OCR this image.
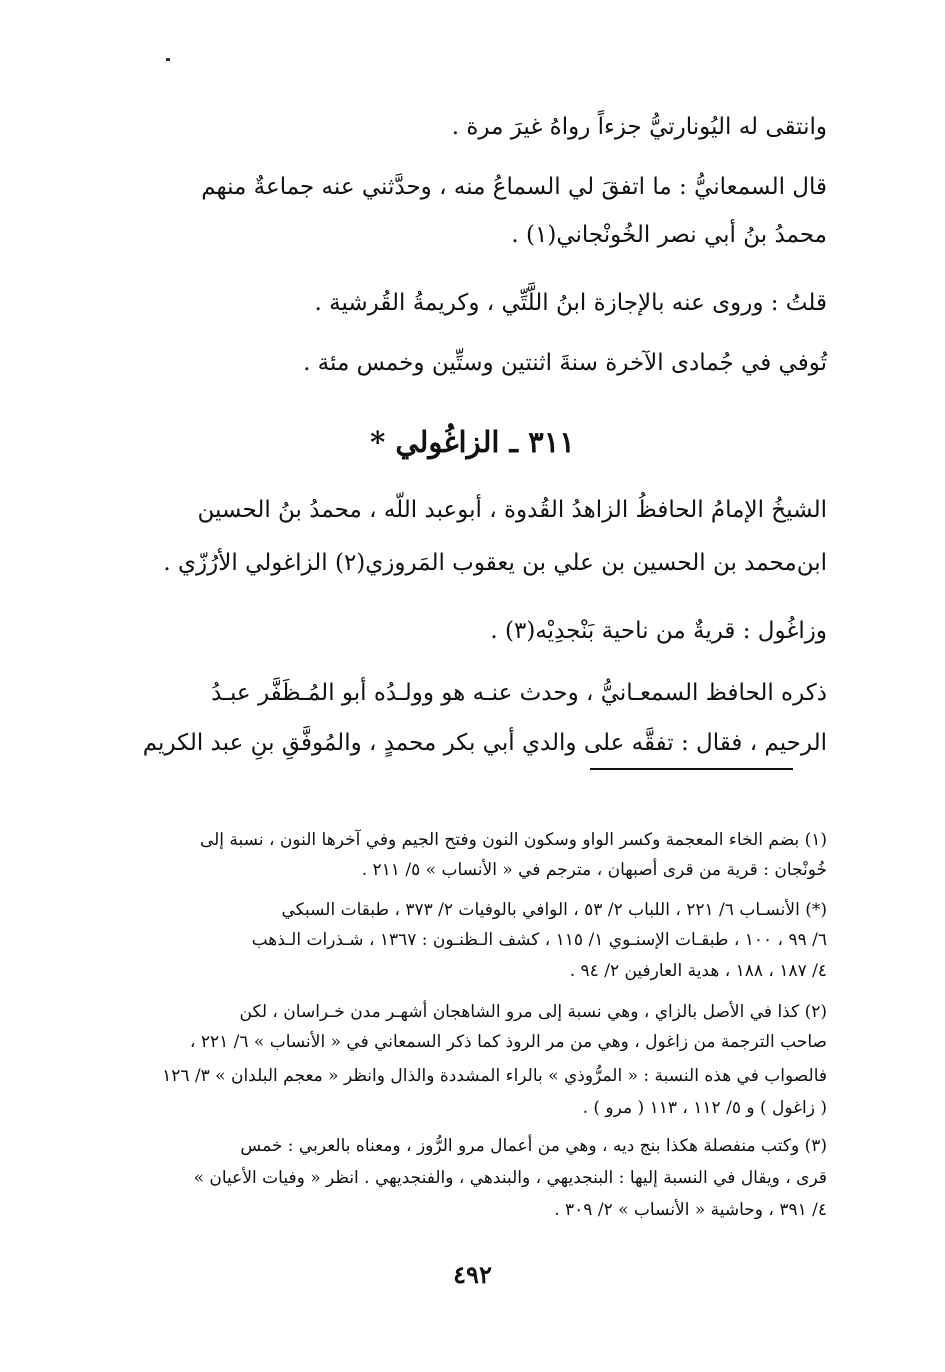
وانتقى له اليُونارتيُّ جزءاً رواهُ غيرَ مرة .
قال السمعانيُّ : ما اتفقَ لي السماعُ منه ، وحدَّثني عنه جماعةٌ منهم
محمدُ بنُ أبي نصر الخُونْجاني(١) .
قلتُ : وروى عنه بالإجازة ابنُ اللَّتِّي ، وكريمةُ القُرشية .
تُوفي في جُمادى الآخرة سنةَ اثنتين وستِّين وخمس مئة .
٣١١ ـ الزاغُولي *
الشيخُ الإمامُ الحافظُ الزاهدُ القُدوة ، أبوعبد اللّه ، محمدُ بنُ الحسين
ابن‌محمد بن الحسين بن علي بن يعقوب المَروزي(٢) الزاغولي الأرُزّي .
وزاغُول : قريةٌ من ناحية بَنْجدِيْه(٣) .
ذكره الحافظ السمعـانيُّ ، وحدث عنـه هو وولـدُه أبو المُـظَفَّر عبـدُ
الرحيم ، فقال : تفقَّه على والدي أبي بكر محمدٍ ، والمُوفَّقِ بنِ عبد الكريم
(١) بضم الخاء المعجمة وكسر الواو وسكون النون وفتح الجيم وفي آخرها النون ، نسبة إلى
خُونْجان : قرية من قرى أصبهان ، مترجم في « الأنساب » ٥/ ٢١١ .
(*) الأنسـاب ٦/ ٢٢١ ، اللباب ٢/ ٥٣ ، الوافي بالوفيات ٢/ ٣٧٣ ، طبقات السبكي
٦/ ٩٩ ، ١٠٠ ، طبقـات الإسنـوي ١/ ١١٥ ، كشف الـظنـون : ١٣٦٧ ، شـذرات الـذهب
٤/ ١٨٧ ، ١٨٨ ، هدية العارفين ٢/ ٩٤ .
(٢) كذا في الأصل بالزاي ، وهي نسبة إلى مرو الشاهجان أشهـر مدن خـراسان ، لكن
صاحب الترجمة من زاغول ، وهي من مر الروذ كما ذكر السمعاني في « الأنساب » ٦/ ٢٢١ ،
فالصواب في هذه النسبة : « المرُّوذي » بالراء المشددة والذال وانظر « معجم البلدان » ٣/ ١٢٦
( زاغول ) و ٥/ ١١٢ ، ١١٣ ( مرو ) .
(٣) وكتب منفصلة هكذا بنج ديه ، وهي من أعمال مرو الرُّوز ، ومعناه بالعربي : خمس
قرى ، ويقال في النسبة إليها : البنجديهي ، والبندهي ، والفنجديهي . انظر « وفيات الأعيان »
٤/ ٣٩١ ، وحاشية « الأنساب » ٢/ ٣٠٩ .
٤٩٢
